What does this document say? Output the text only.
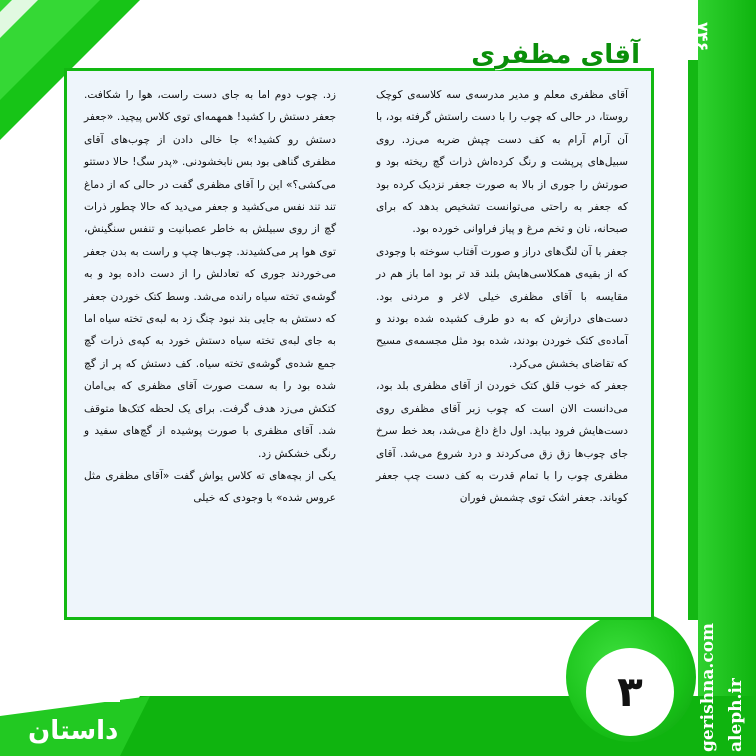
۳
آقای مظفری
۷۴۶

آقای مظفری معلم و مدیر مدرسه‌ی سه کلاسه‌ی کوچک روستا، در حالی که چوب را با دست راستش گرفته بود، با آن آرام آرام به کف دست چپش ضربه می‌زد. روی سبیل‌های پرپشت و رنگ کرده‌اش ذرات گچ ریخته بود و صورتش را جوری از بالا به صورت جعفر نزدیک کرده بود که جعفر به راحتی می‌توانست تشخیص بدهد که برای صبحانه، نان و تخم مرغ و پیاز فراوانی خورده بود.

جعفر با آن لنگ‌های دراز و صورت آفتاب سوخته با وجودی که از بقیه‌ی همکلاسی‌هایش بلند قد تر بود اما باز هم در مقایسه با آقای مظفری خیلی لاغر و مردنی بود. دست‌های درازش که به دو طرف کشیده شده بودند و آماده‌ی کتک خوردن بودند، شده بود مثل مجسمه‌ی مسیح که تقاضای بخشش می‌کرد.

جعفر که خوب قلق کتک خوردن از آقای مظفری بلد بود، می‌دانست الان است که چوب زبر آقای مظفری روی دست‌هایش فرود بیاید. اول داغ داغ می‌شد، بعد خط سرخ جای چوب‌ها زق زق می‌کردند و درد شروع می‌شد. آقای مظفری چوب را با تمام قدرت به کف دست چپ جعفر کوباند. جعفر اشک توی چشمش فوران

زد. چوب دوم اما به جای دست راست، هوا را شکافت. جعفر دستش را کشید! همهمه‌ای توی کلاس پیچید. «جعفر دستش رو کشید!» جا خالی دادن از چوب‌های آقای مظفری گناهی بود بس نابخشودنی. «پدر سگ! حالا دستتو می‌کشی؟» این را آقای مظفری گفت در حالی که از دماغ تند تند نفس می‌کشید و جعفر می‌دید که حالا چطور ذرات گچ از روی سبیلش به خاطر عصبانیت و تنفس سنگینش، توی هوا پر می‌کشیدند. چوب‌ها چپ و راست به بدن جعفر می‌خوردند جوری که تعادلش را از دست داده بود و به گوشه‌ی تخته سیاه رانده می‌شد. وسط کتک خوردن جعفر که دستش به جایی بند نبود چنگ زد به لبه‌ی تخته سیاه اما به جای لبه‌ی تخته سیاه دستش خورد به کپه‌ی ذرات گچ جمع شده‌ی گوشه‌ی تخته سیاه. کف دستش که پر از گچ شده بود را به سمت صورت آقای مظفری که بی‌امان کتکش می‌زد هدف گرفت. برای یک لحظه کتک‌ها متوقف شد. آقای مظفری با صورت پوشیده از گچ‌های سفید و رنگی خشکش زد.

یکی از بچه‌های ته کلاس یواش گفت «آقای مظفری مثل عروس شده» با وجودی که خیلی

داستان	gerishna.com aleph.ir
